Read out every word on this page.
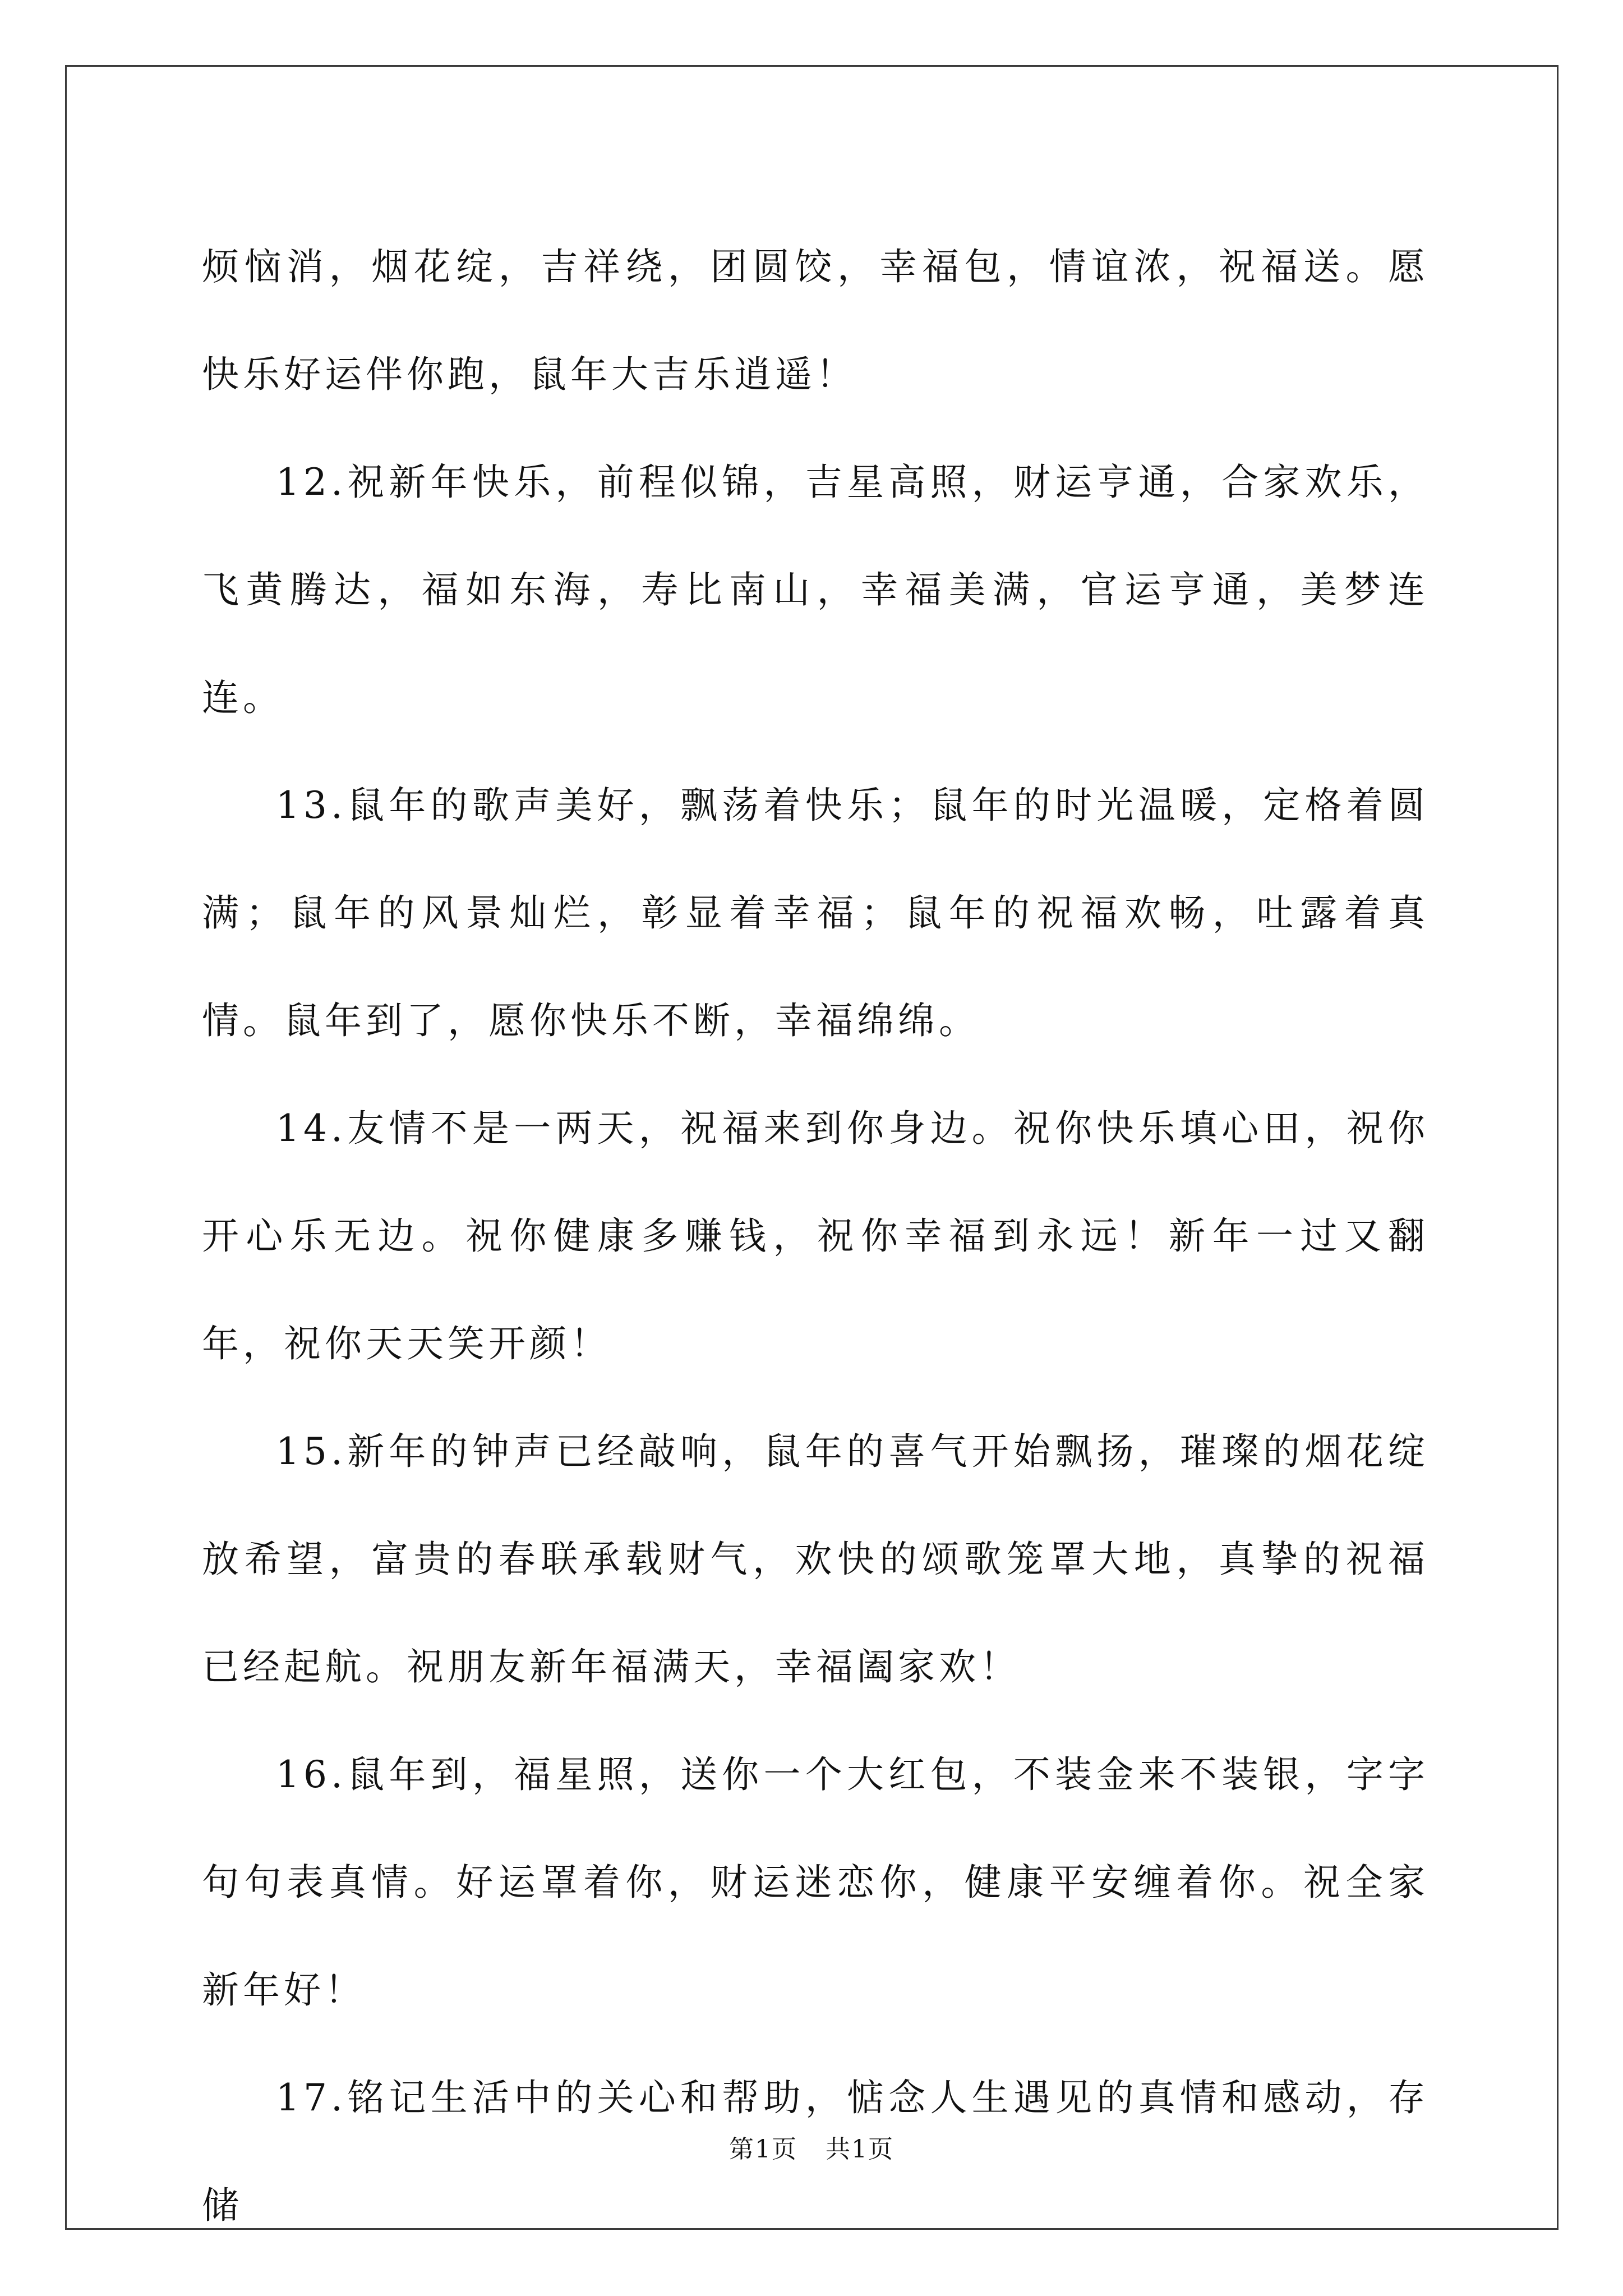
烦恼消，烟花绽，吉祥绕，团圆饺，幸福包，情谊浓，祝福送。愿快乐好运伴你跑，鼠年大吉乐逍遥！

12.祝新年快乐，前程似锦，吉星高照，财运亨通，合家欢乐，飞黄腾达，福如东海，寿比南山，幸福美满，官运亨通，美梦连连。

13.鼠年的歌声美好，飘荡着快乐；鼠年的时光温暖，定格着圆满；鼠年的风景灿烂，彰显着幸福；鼠年的祝福欢畅，吐露着真情。鼠年到了，愿你快乐不断，幸福绵绵。

14.友情不是一两天，祝福来到你身边。祝你快乐填心田，祝你开心乐无边。祝你健康多赚钱，祝你幸福到永远！新年一过又翻年，祝你天天笑开颜！

15.新年的钟声已经敲响，鼠年的喜气开始飘扬，璀璨的烟花绽放希望，富贵的春联承载财气，欢快的颂歌笼罩大地，真挚的祝福已经起航。祝朋友新年福满天，幸福阖家欢！

16.鼠年到，福星照，送你一个大红包，不装金来不装银，字字句句表真情。好运罩着你，财运迷恋你，健康平安缠着你。祝全家新年好！

17.铭记生活中的关心和帮助，惦念人生遇见的真情和感动，存储

第1页 共1页
